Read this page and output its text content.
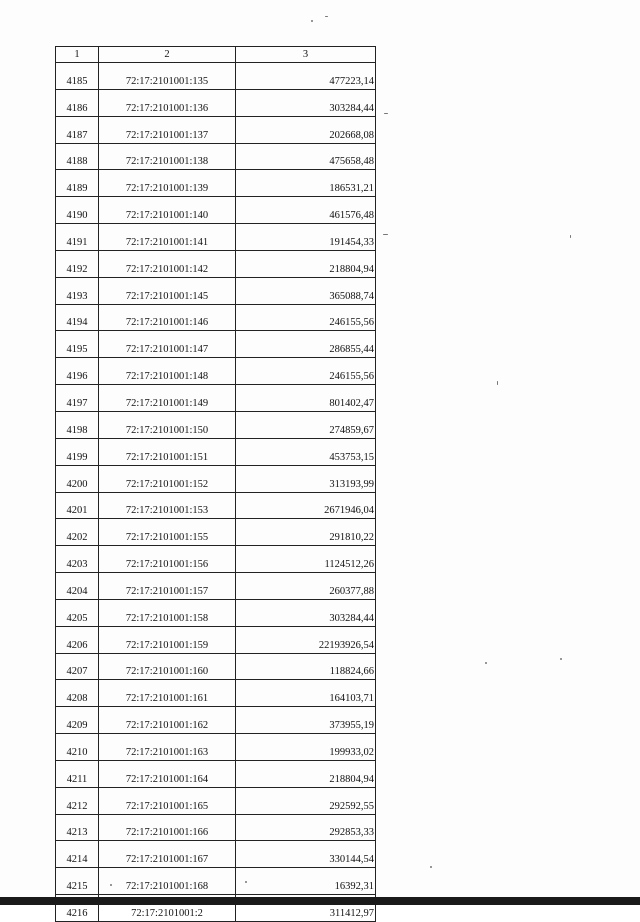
1	2	3
4185	72:17:2101001:135	477223,14
4186	72:17:2101001:136	303284,44
4187	72:17:2101001:137	202668,08
4188	72:17:2101001:138	475658,48
4189	72:17:2101001:139	186531,21
4190	72:17:2101001:140	461576,48
4191	72:17:2101001:141	191454,33
4192	72:17:2101001:142	218804,94
4193	72:17:2101001:145	365088,74
4194	72:17:2101001:146	246155,56
4195	72:17:2101001:147	286855,44
4196	72:17:2101001:148	246155,56
4197	72:17:2101001:149	801402,47
4198	72:17:2101001:150	274859,67
4199	72:17:2101001:151	453753,15
4200	72:17:2101001:152	313193,99
4201	72:17:2101001:153	2671946,04
4202	72:17:2101001:155	291810,22
4203	72:17:2101001:156	1124512,26
4204	72:17:2101001:157	260377,88
4205	72:17:2101001:158	303284,44
4206	72:17:2101001:159	22193926,54
4207	72:17:2101001:160	118824,66
4208	72:17:2101001:161	164103,71
4209	72:17:2101001:162	373955,19
4210	72:17:2101001:163	199933,02
4211	72:17:2101001:164	218804,94
4212	72:17:2101001:165	292592,55
4213	72:17:2101001:166	292853,33
4214	72:17:2101001:167	330144,54
4215	72:17:2101001:168	16392,31
4216	72:17:2101001:2	311412,97
